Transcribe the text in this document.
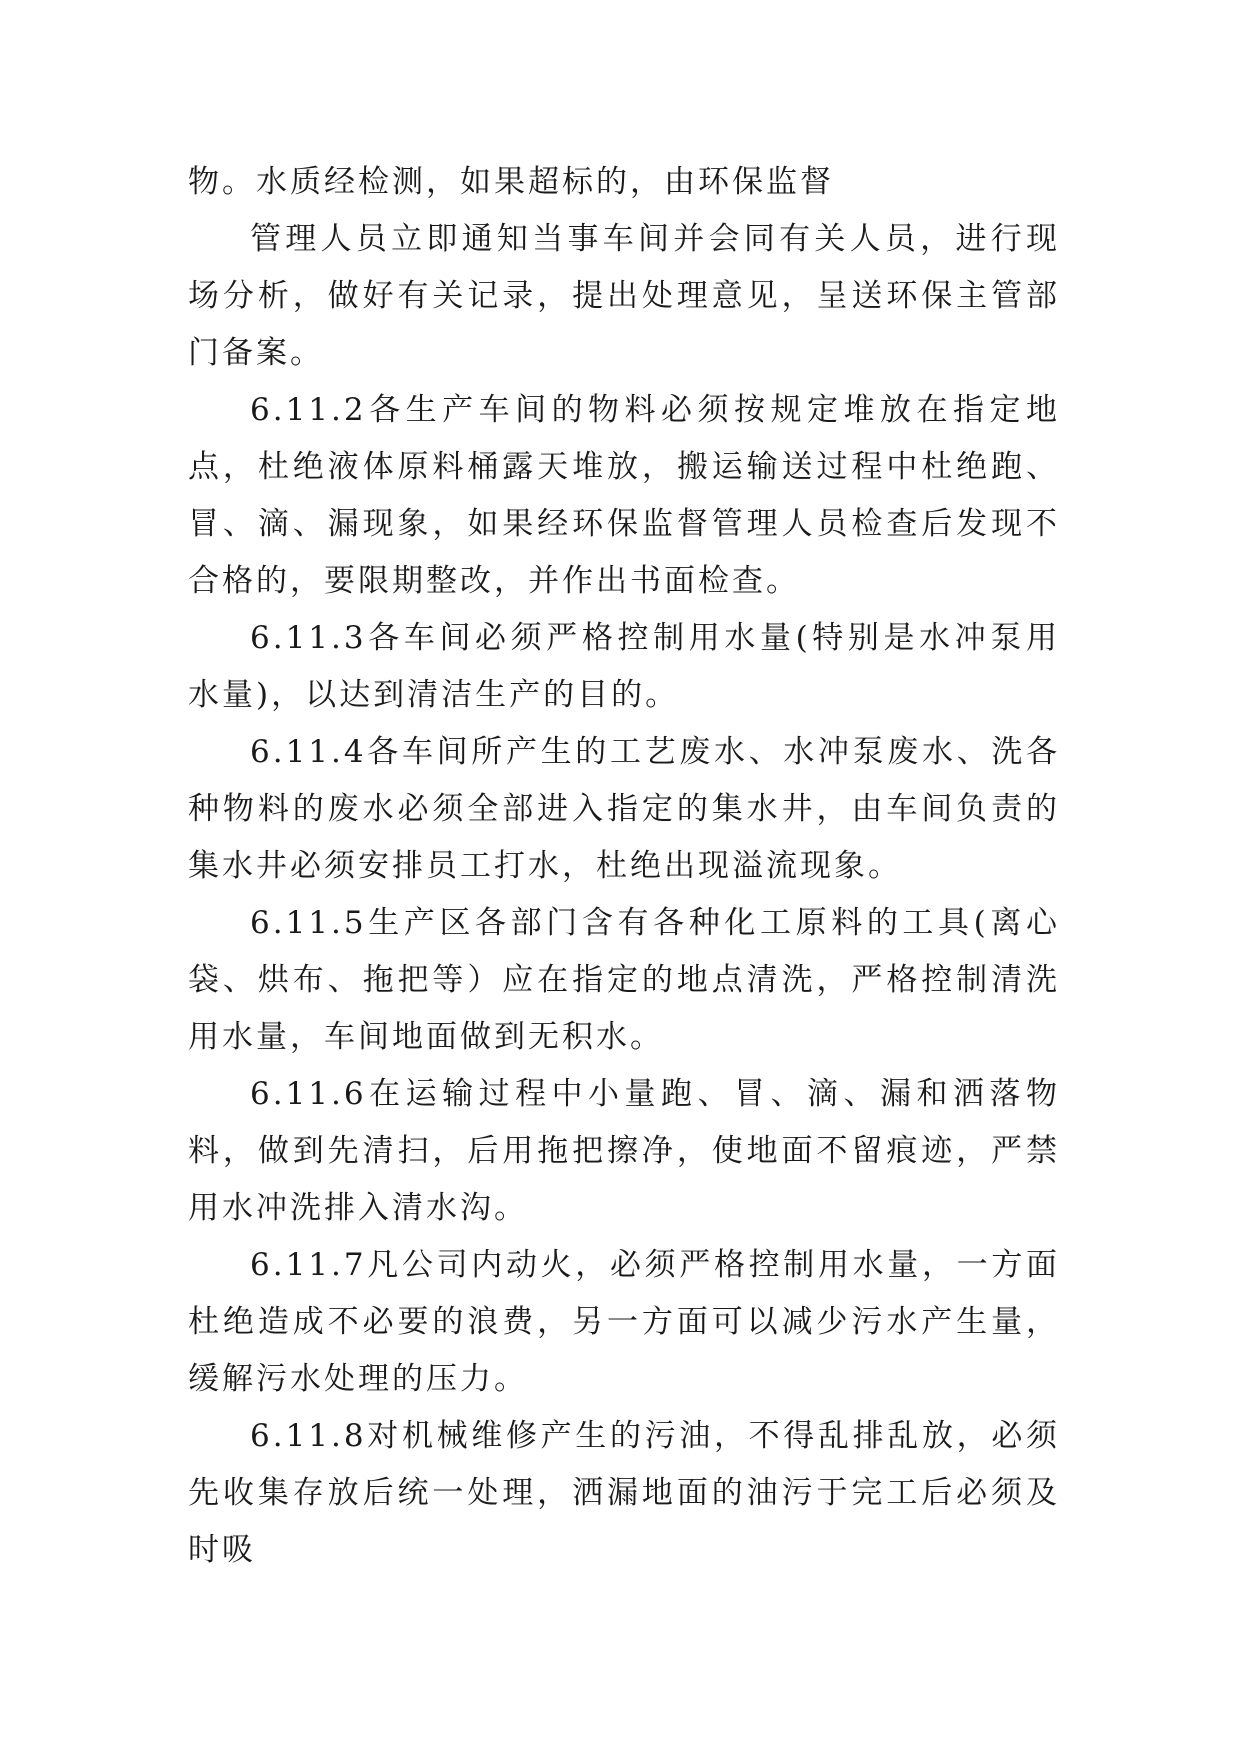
物。水质经检测，如果超标的，由环保监督

管理人员立即通知当事车间并会同有关人员，进行现场分析，做好有关记录，提出处理意见，呈送环保主管部门备案。

6.11.2各生产车间的物料必须按规定堆放在指定地点，杜绝液体原料桶露天堆放，搬运输送过程中杜绝跑、冒、滴、漏现象，如果经环保监督管理人员检查后发现不合格的，要限期整改，并作出书面检查。

6.11.3各车间必须严格控制用水量(特别是水冲泵用水量)，以达到清洁生产的目的。

6.11.4各车间所产生的工艺废水、水冲泵废水、洗各种物料的废水必须全部进入指定的集水井，由车间负责的集水井必须安排员工打水，杜绝出现溢流现象。

6.11.5生产区各部门含有各种化工原料的工具(离心袋、烘布、拖把等）应在指定的地点清洗，严格控制清洗用水量，车间地面做到无积水。

6.11.6在运输过程中小量跑、冒、滴、漏和洒落物料，做到先清扫，后用拖把擦净，使地面不留痕迹，严禁用水冲洗排入清水沟。

6.11.7凡公司内动火，必须严格控制用水量，一方面杜绝造成不必要的浪费，另一方面可以减少污水产生量，缓解污水处理的压力。

6.11.8对机械维修产生的污油，不得乱排乱放，必须先收集存放后统一处理，洒漏地面的油污于完工后必须及时吸
